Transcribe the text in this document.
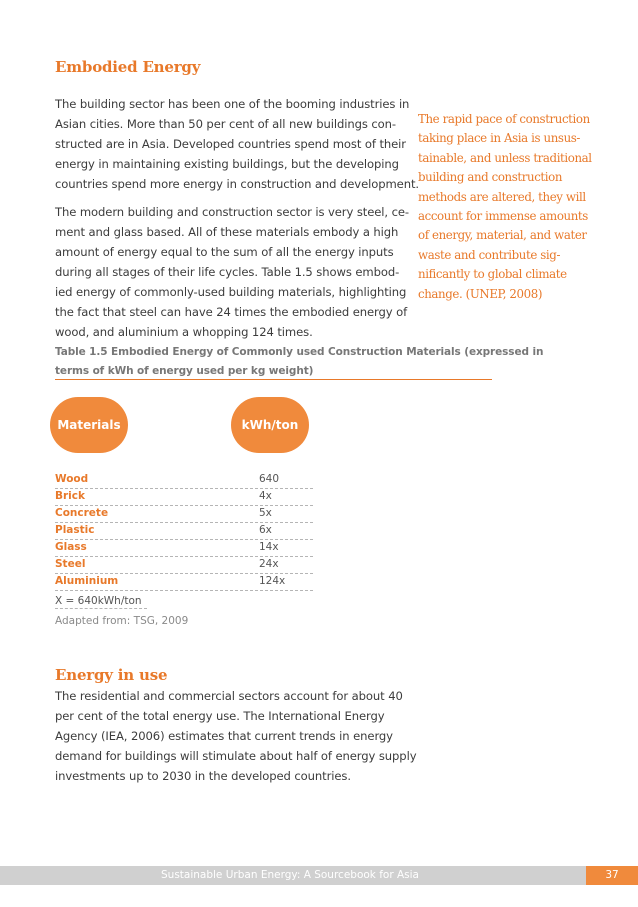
Embodied Energy

The building sector has been one of the booming industries in

Asian cities. More than 50 per cent of all new buildings con-

structed are in Asia. Developed countries spend most of their

energy in maintaining existing buildings, but the developing

countries spend more energy in construction and development.

The modern building and construction sector is very steel, ce-

ment and glass based. All of these materials embody a high

amount of energy equal to the sum of all the energy inputs

during all stages of their life cycles. Table 1.5 shows embod-

ied energy of commonly-used building materials, highlighting

the fact that steel can have 24 times the embodied energy of

wood, and aluminium a whopping 124 times.

The rapid pace of construction

taking place in Asia is unsus-

tainable, and unless traditional

building and construction

methods are altered, they will

account for immense amounts

of energy, material, and water

waste and contribute sig-

nificantly to global climate

change. (UNEP, 2008)

Table 1.5 Embodied Energy of Commonly used Construction Materials (expressed in

terms of kWh of energy used per kg weight)

Materials	kWh/ton
Wood	640
Brick	4x
Concrete	5x
Plastic	6x
Glass	14x
Steel	24x
Aluminium	124x
X = 640kWh/ton
Adapted from: TSG, 2009
Energy in use

The residential and commercial sectors account for about 40

per cent of the total energy use. The International Energy

Agency (IEA, 2006) estimates that current trends in energy

demand for buildings will stimulate about half of energy supply

investments up to 2030 in the developed countries.

Sustainable Urban Energy: A Sourcebook for Asia	37
